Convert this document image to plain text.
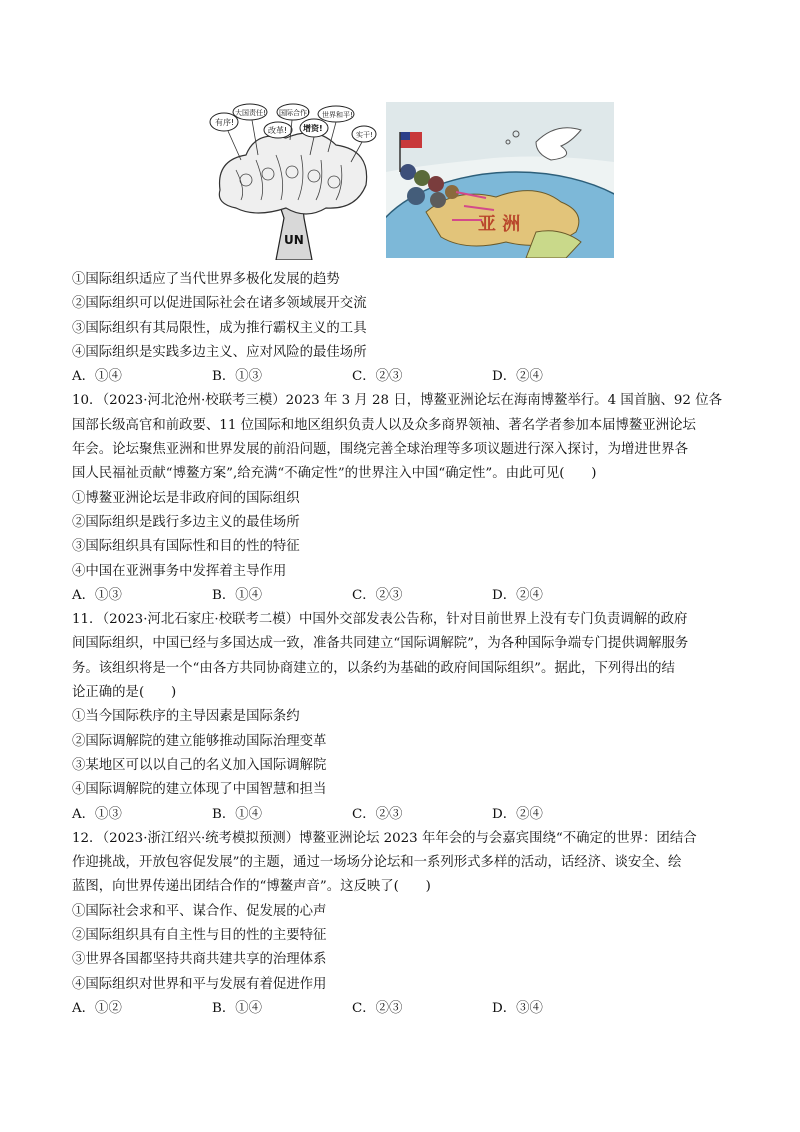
有序!
大国责任! 国际合作!
改革! 增资!
世界和平!
实干!
UN
亚 洲
①国际组织适应了当代世界多极化发展的趋势
②国际组织可以促进国际社会在诸多领域展开交流
③国际组织有其局限性，成为推行霸权主义的工具
④国际组织是实践多边主义、应对风险的最佳场所
A．①④	B．①③	C．②③	D．②④
10．（2023·河北沧州·校联考三模）2023 年 3 月 28 日，博鳌亚洲论坛在海南博鳌举行。4 国首脑、92 位各
国部长级高官和前政要、11 位国际和地区组织负责人以及众多商界领袖、著名学者参加本届博鳌亚洲论坛
年会。论坛聚焦亚洲和世界发展的前沿问题，围绕完善全球治理等多项议题进行深入探讨，为增进世界各
国人民福祉贡献“博鳌方案”,给充满“不确定性”的世界注入中国“确定性”。由此可见(　　)
①博鳌亚洲论坛是非政府间的国际组织
②国际组织是践行多边主义的最佳场所
③国际组织具有国际性和目的性的特征
④中国在亚洲事务中发挥着主导作用
A．①③	B．①④	C．②③	D．②④
11．（2023·河北石家庄·校联考二模）中国外交部发表公告称，针对目前世界上没有专门负责调解的政府
间国际组织，中国已经与多国达成一致，准备共同建立“国际调解院”，为各种国际争端专门提供调解服务
务。该组织将是一个“由各方共同协商建立的，以条约为基础的政府间国际组织”。据此，下列得出的结
论正确的是(　　)
①当今国际秩序的主导因素是国际条约
②国际调解院的建立能够推动国际治理变革
③某地区可以以自己的名义加入国际调解院
④国际调解院的建立体现了中国智慧和担当
A．①③	B．①④	C．②③	D．②④
12．（2023·浙江绍兴·统考模拟预测）博鳌亚洲论坛 2023 年年会的与会嘉宾围绕“不确定的世界：团结合
作迎挑战，开放包容促发展”的主题，通过一场场分论坛和一系列形式多样的活动，话经济、谈安全、绘
蓝图，向世界传递出团结合作的“博鳌声音”。这反映了(　　)
①国际社会求和平、谋合作、促发展的心声
②国际组织具有自主性与目的性的主要特征
③世界各国都坚持共商共建共享的治理体系
④国际组织对世界和平与发展有着促进作用
A．①②	B．①④	C．②③	D．③④
